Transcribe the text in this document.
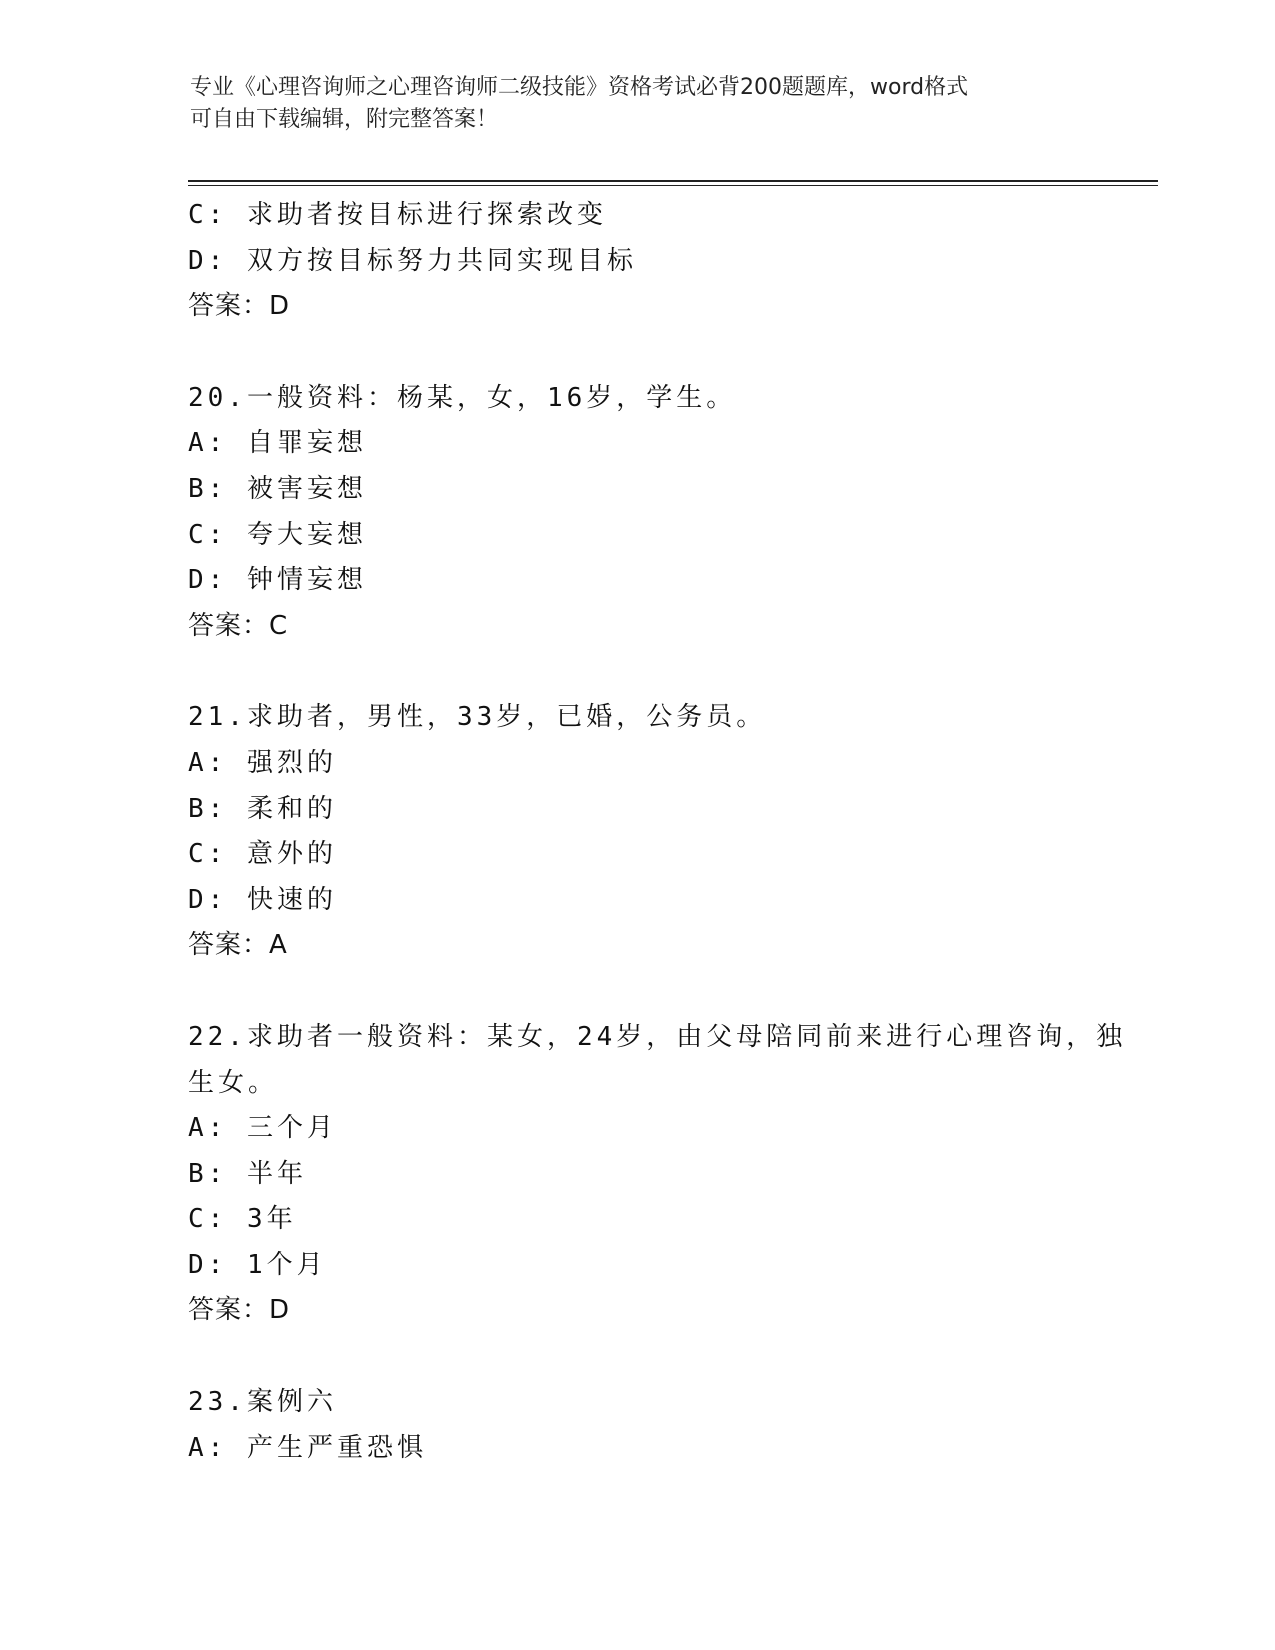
专业《心理咨询师之心理咨询师二级技能》资格考试必背200题题库，word格式
可自由下载编辑，附完整答案！
C: 求助者按目标进行探索改变
D: 双方按目标努力共同实现目标
答案：D
20.一般资料：杨某，女，16岁，学生。
A: 自罪妄想
B: 被害妄想
C: 夸大妄想
D: 钟情妄想
答案：C
21.求助者，男性，33岁，已婚，公务员。
A: 强烈的
B: 柔和的
C: 意外的
D: 快速的
答案：A
22.求助者一般资料：某女，24岁，由父母陪同前来进行心理咨询，独
生女。
A: 三个月
B: 半年
C: 3年
D: 1个月
答案：D
23.案例六
A: 产生严重恐惧
